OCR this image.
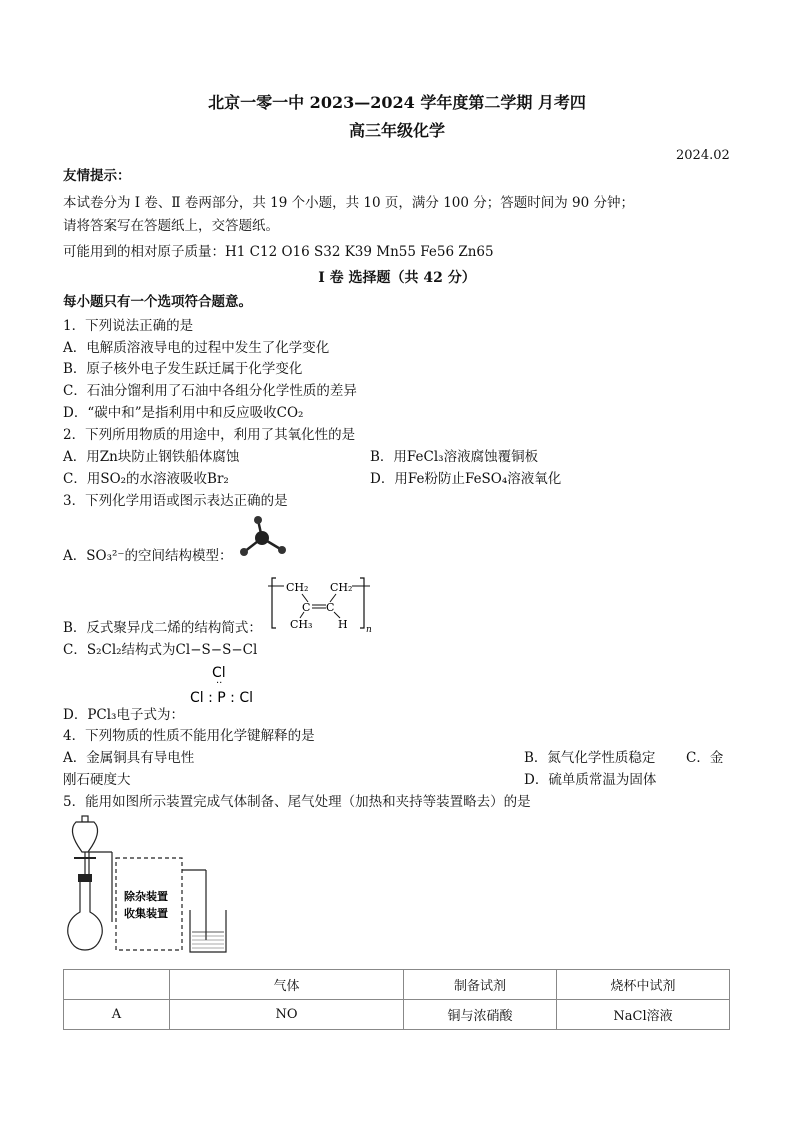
北京一零一中 2023—2024 学年度第二学期 月考四
高三年级化学
2024.02
友情提示：
本试卷分为 Ⅰ 卷、Ⅱ 卷两部分，共 19 个小题，共 10 页，满分 100 分；答题时间为 90 分钟；
请将答案写在答题纸上，交答题纸。
可能用到的相对原子质量：H1 C12 O16 S32 K39 Mn55 Fe56 Zn65
Ⅰ 卷 选择题（共 42 分）
每小题只有一个选项符合题意。
1．下列说法正确的是
A．电解质溶液导电的过程中发生了化学变化
B．原子核外电子发生跃迁属于化学变化
C．石油分馏利用了石油中各组分化学性质的差异
D．“碳中和”是指利用中和反应吸收CO₂
2．下列所用物质的用途中，利用了其氧化性的是
A．用Zn块防止钢铁船体腐蚀	B．用FeCl₃溶液腐蚀覆铜板
C．用SO₂的水溶液吸收Br₂	D．用Fe粉防止FeSO₄溶液氧化
3．下列化学用语或图示表达正确的是
A．SO₃²⁻的空间结构模型：
CH₂ CH₂
C C
CH₃ H n
B．反式聚异戊二烯的结构简式：
C．S₂Cl₂结构式为Cl−S−S−Cl
Cl
··
Cl : P : Cl
D．PCl₃电子式为：
4．下列物质的性质不能用化学键解释的是
A．金属铜具有导电性	B．氮气化学性质稳定 C．金
刚石硬度大	D．硫单质常温为固体
5．能用如图所示装置完成气体制备、尾气处理（加热和夹持等装置略去）的是
除杂装置
收集装置
	气体	制备试剂	烧杯中试剂
A	NO	铜与浓硝酸	NaCl溶液
